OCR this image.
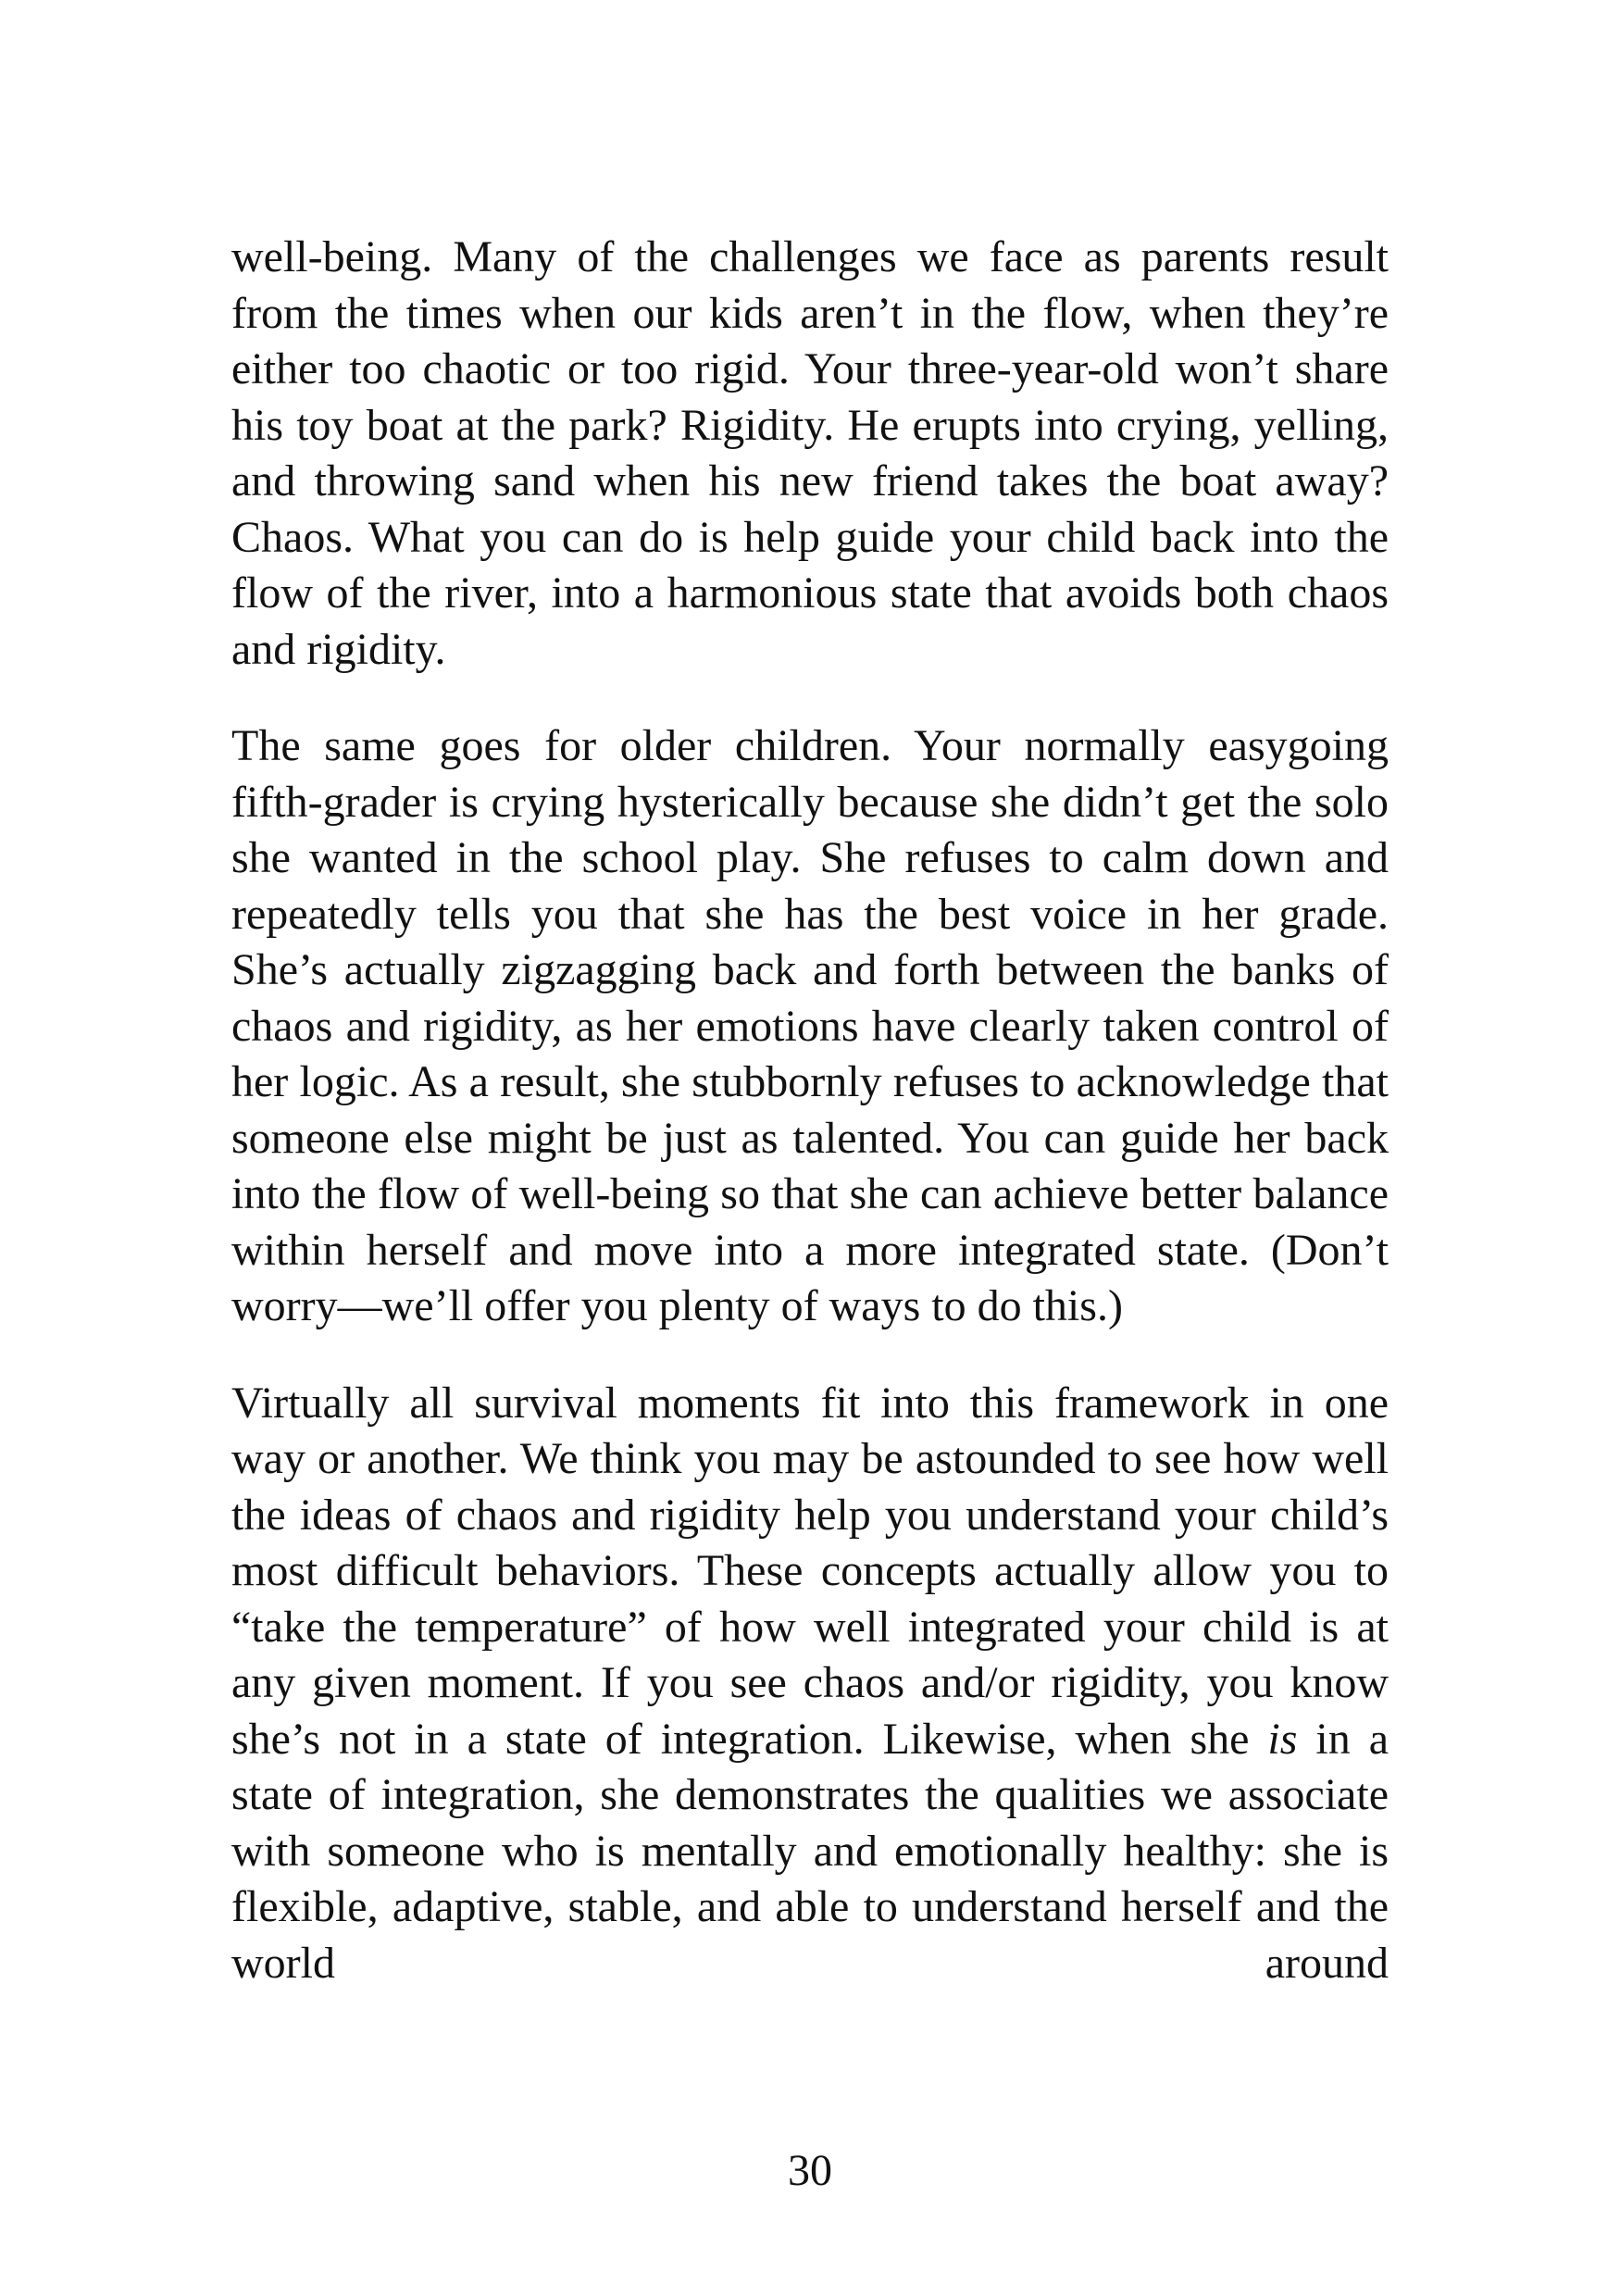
well-being. Many of the challenges we face as parents result from the times when our kids aren’t in the flow, when they’re either too chaotic or too rigid. Your three-year-old won’t share his toy boat at the park? Rigidity. He erupts into crying, yelling, and throwing sand when his new friend takes the boat away? Chaos. What you can do is help guide your child back into the flow of the river, into a harmonious state that avoids both chaos and rigidity.

The same goes for older children. Your normally easygoing fifth-grader is crying hysterically because she didn’t get the solo she wanted in the school play. She refuses to calm down and repeatedly tells you that she has the best voice in her grade. She’s actually zigzagging back and forth between the banks of chaos and rigidity, as her emotions have clearly taken control of her logic. As a result, she stubbornly refuses to acknowledge that someone else might be just as talented. You can guide her back into the flow of well-being so that she can achieve better balance within herself and move into a more integrated state. (Don’t worry—we’ll offer you plenty of ways to do this.)

Virtually all survival moments fit into this framework in one way or another. We think you may be astounded to see how well the ideas of chaos and rigidity help you understand your child’s most difficult behaviors. These concepts actually allow you to “take the temperature” of how well integrated your child is at any given moment. If you see chaos and/or rigidity, you know she’s not in a state of integration. Likewise, when she is in a state of integration, she demonstrates the qualities we associate with someone who is mentally and emotionally healthy: she is flexible, adaptive, stable, and able to understand herself and the world around

30
